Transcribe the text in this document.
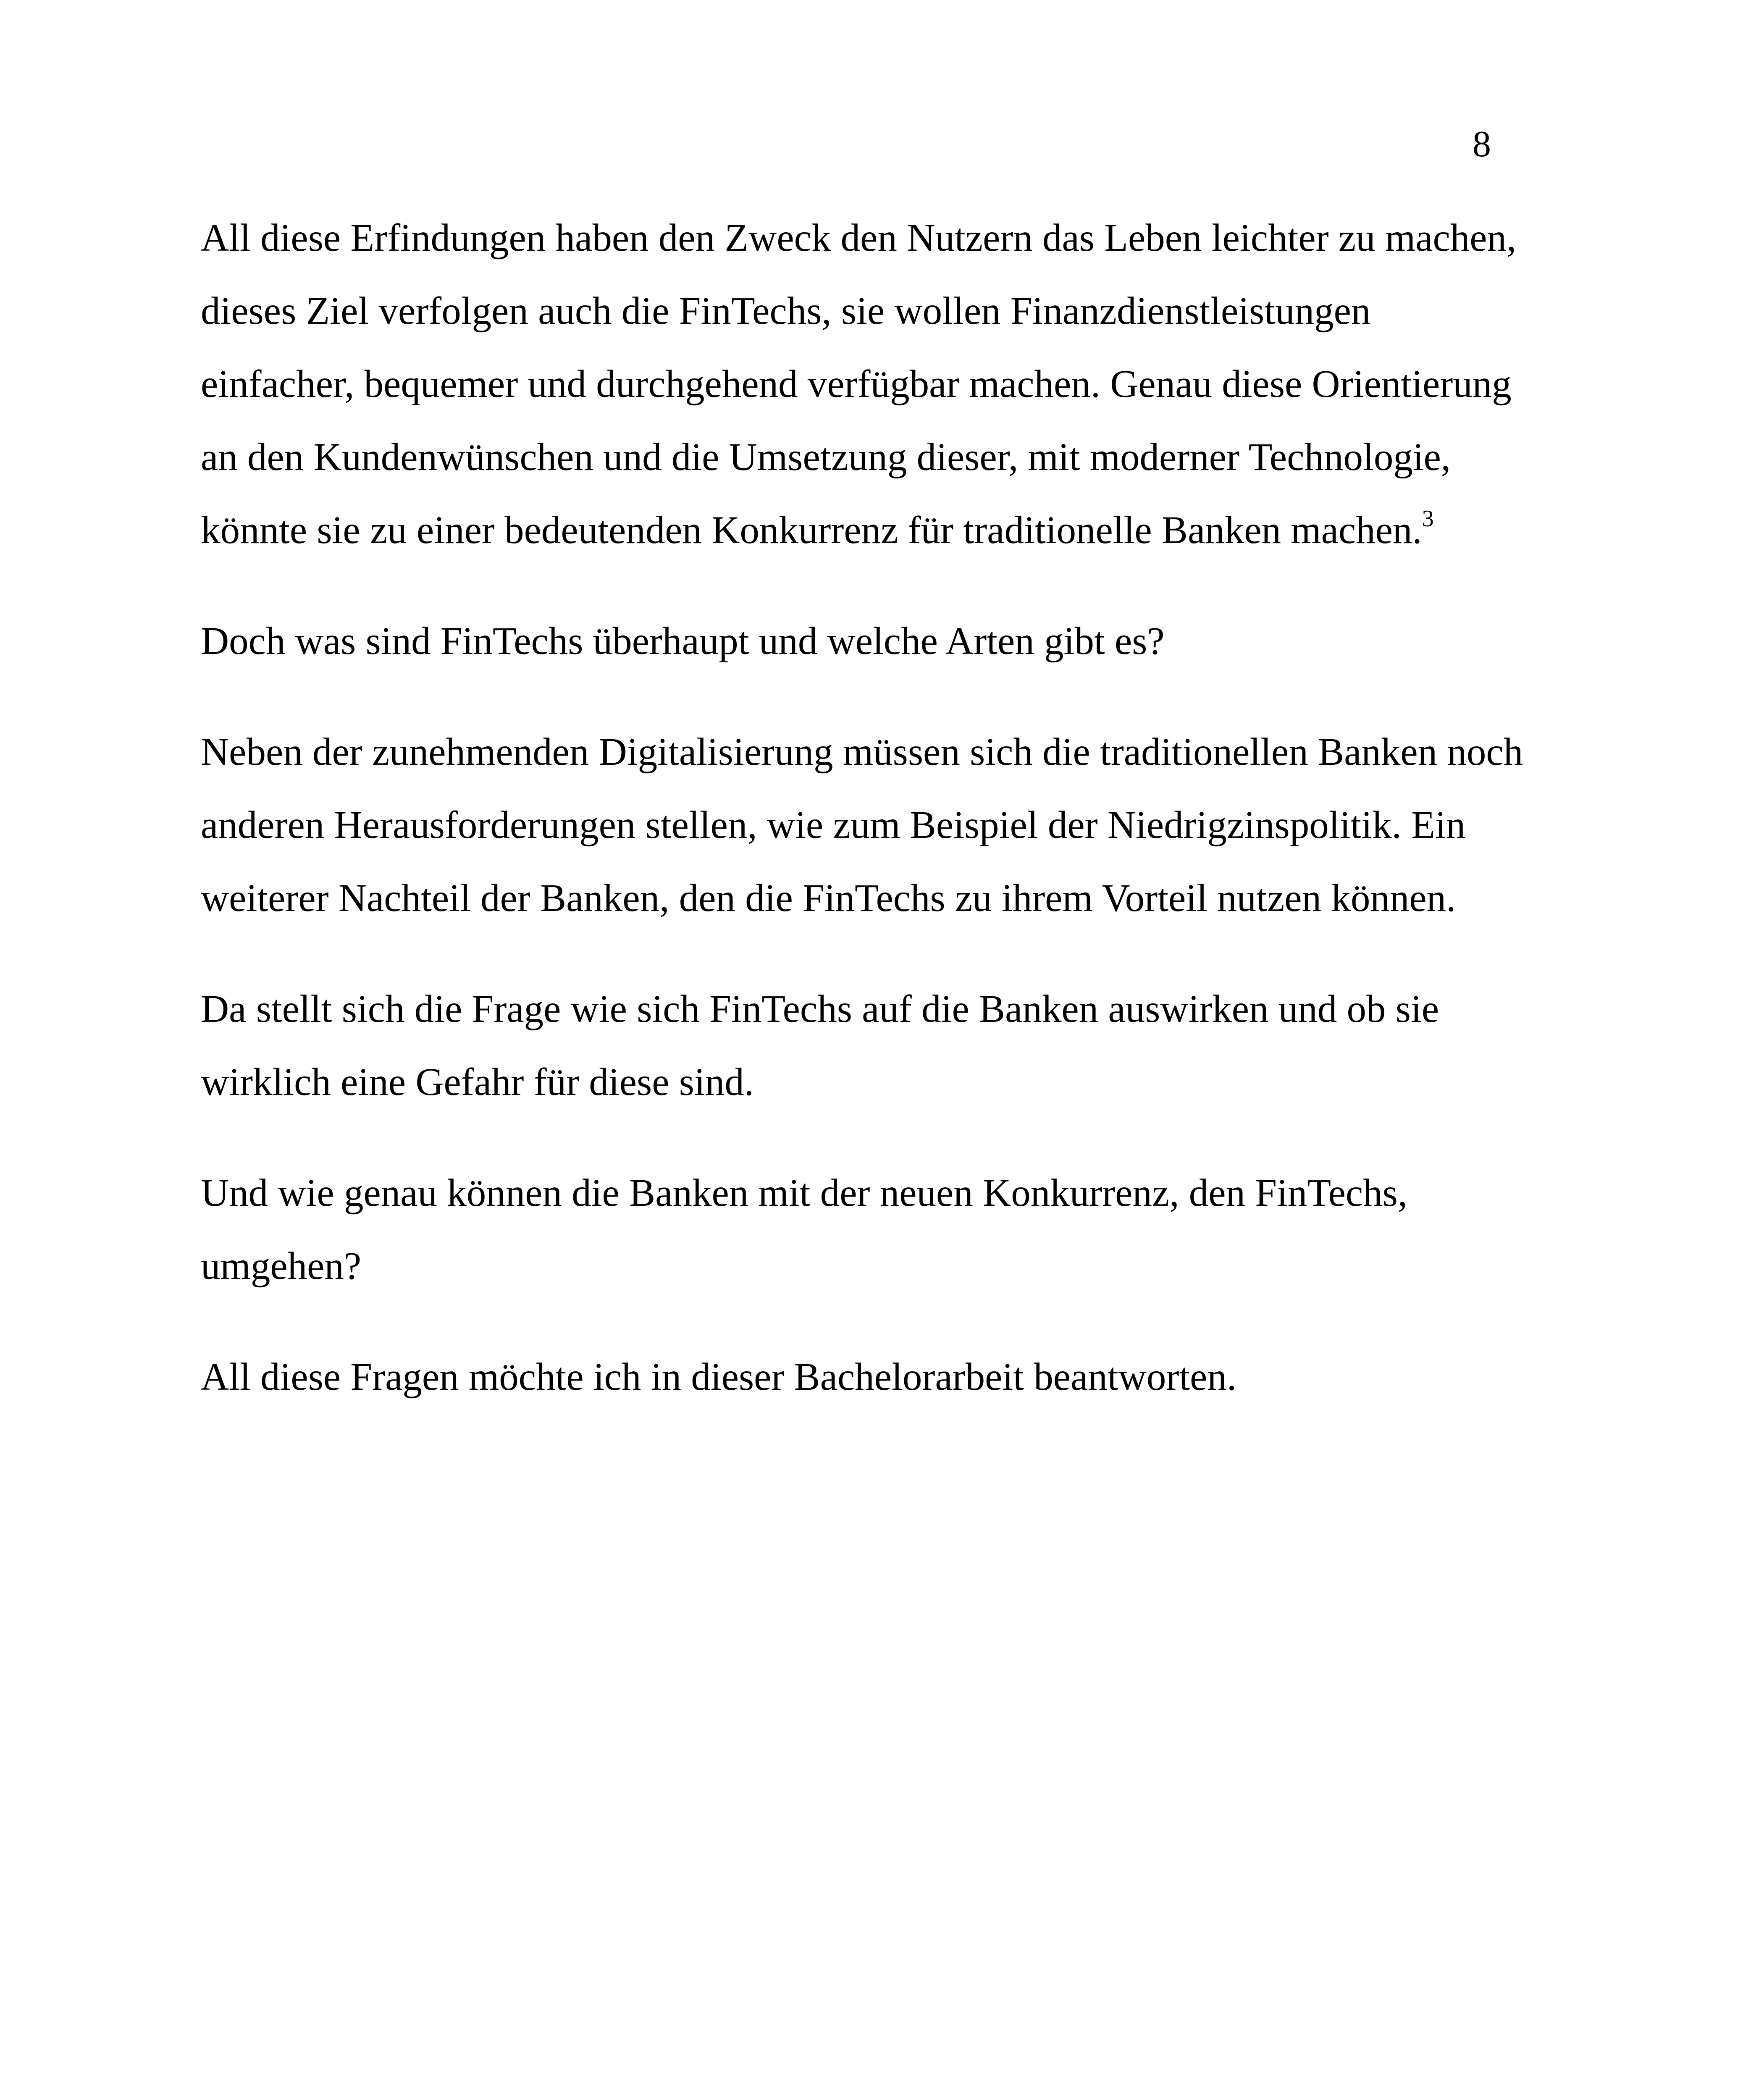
8

All diese Erfindungen haben den Zweck den Nutzern das Leben leichter zu machen, dieses Ziel verfolgen auch die FinTechs, sie wollen Finanzdienstleistungen einfacher, bequemer und durchgehend verfügbar machen. Genau diese Orientierung an den Kundenwünschen und die Umsetzung dieser, mit moderner Technologie, könnte sie zu einer bedeutenden Konkurrenz für traditionelle Banken machen.$^3$

Doch was sind FinTechs überhaupt und welche Arten gibt es?

Neben der zunehmenden Digitalisierung müssen sich die traditionellen Banken noch anderen Herausforderungen stellen, wie zum Beispiel der Niedrigzinspolitik. Ein weiterer Nachteil der Banken, den die FinTechs zu ihrem Vorteil nutzen können.

Da stellt sich die Frage wie sich FinTechs auf die Banken auswirken und ob sie wirklich eine Gefahr für diese sind.

Und wie genau können die Banken mit der neuen Konkurrenz, den FinTechs, umgehen?

All diese Fragen möchte ich in dieser Bachelorarbeit beantworten.
